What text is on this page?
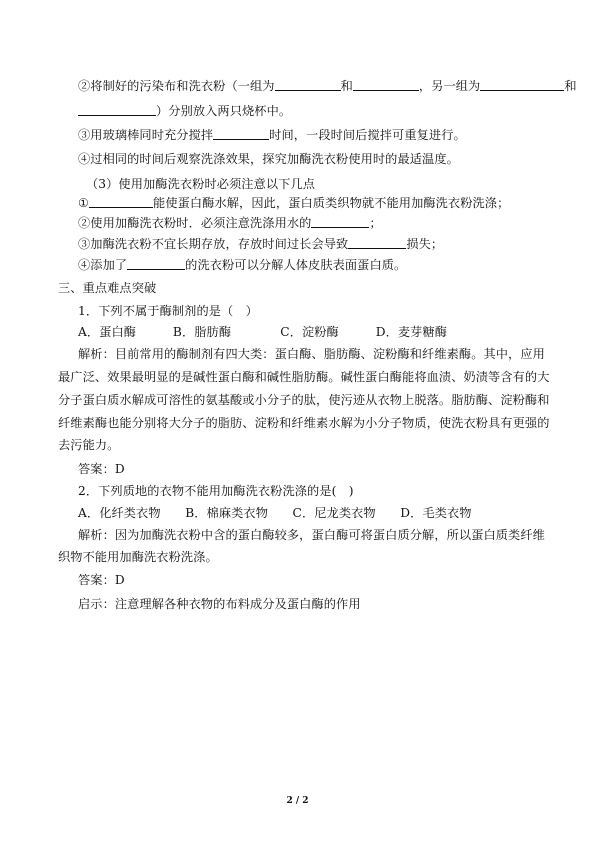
②将制好的污染布和洗衣粉（一组为	和	，另一组为	和
）分别放入两只烧杯中。
③用玻璃棒同时充分搅拌	时间，一段时间后搅拌可重复进行。
④过相同的时间后观察洗涤效果，探究加酶洗衣粉使用时的最适温度。
（3）使用加酶洗衣粉时必须注意以下几点
①	能使蛋白酶水解，因此，蛋白质类织物就不能用加酶洗衣粉洗涤；
②使用加酶洗衣粉时．必须注意洗涤用水的	；
③加酶洗衣粉不宜长期存放，存放时间过长会导致	损失；
④添加了	的洗衣粉可以分解人体皮肤表面蛋白质。
三、重点难点突破
1．下列不属于酶制剂的是（　）
A．蛋白酶　　　B．脂肪酶　　　　C．淀粉酶　　　D．麦芽糖酶
解析：目前常用的酶制剂有四大类：蛋白酶、脂肪酶、淀粉酶和纤维素酶。其中，应用
最广泛、效果最明显的是碱性蛋白酶和碱性脂肪酶。碱性蛋白酶能将血渍、奶渍等含有的大
分子蛋白质水解成可溶性的氨基酸或小分子的肽，使污迹从衣物上脱落。脂肪酶、淀粉酶和
纤维素酶也能分别将大分子的脂肪、淀粉和纤维素水解为小分子物质，使洗衣粉具有更强的
去污能力。
答案：D
2．下列质地的衣物不能用加酶洗衣粉洗涤的是(　)
A．化纤类衣物　　B．棉麻类衣物　　C．尼龙类衣物　　D．毛类衣物
解析：因为加酶洗衣粉中含的蛋白酶较多，蛋白酶可将蛋白质分解，所以蛋白质类纤维
织物不能用加酶洗衣粉洗涤。
答案：D
启示：注意理解各种衣物的布料成分及蛋白酶的作用
2 / 2
